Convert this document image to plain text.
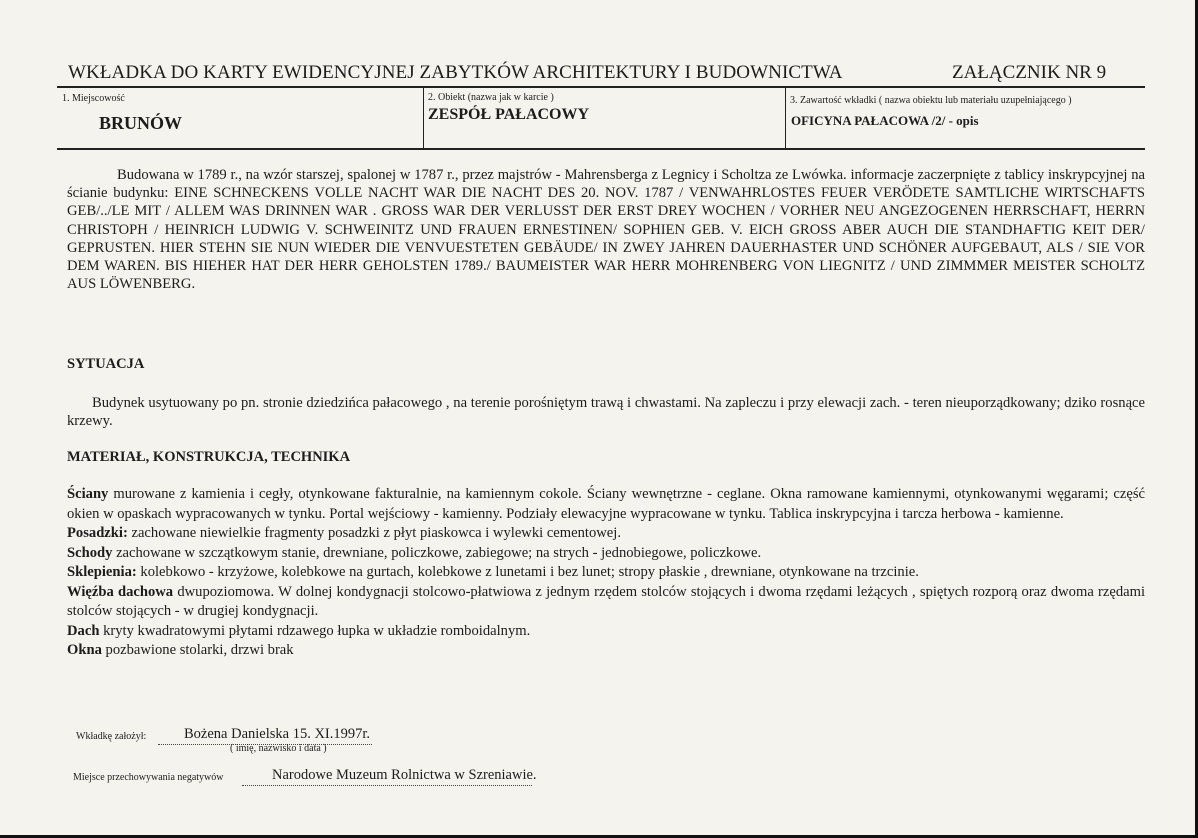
WKŁADKA DO KARTY EWIDENCYJNEJ ZABYTKÓW ARCHITEKTURY I BUDOWNICTWA	ZAŁĄCZNIK NR 9
1. Miejscowość
BRUNÓW
2. Obiekt (nazwa jak w karcie )
ZESPÓŁ PAŁACOWY
3. Zawartość wkładki ( nazwa obiektu lub materiału uzupełniającego )
OFICYNA PAŁACOWA /2/ - opis

Budowana w 1789 r., na wzór starszej, spalonej w 1787 r., przez majstrów - Mahrensberga z Legnicy i Scholtza ze Lwówka. informacje zaczerpnięte z tablicy inskrypcyjnej na ścianie budynku: EINE SCHNECKENS VOLLE NACHT WAR DIE NACHT DES 20. NOV. 1787 / VENWAHRLOSTES FEUER VERÖDETE SAMTLICHE WIRTSCHAFTS GEB/../LE MIT / ALLEM WAS DRINNEN WAR . GROSS WAR DER VERLUSST DER ERST DREY WOCHEN / VORHER NEU ANGEZOGENEN HERRSCHAFT, HERRN CHRISTOPH / HEINRICH LUDWIG V. SCHWEINITZ UND FRAUEN ERNESTINEN/ SOPHIEN GEB. V. EICH GROSS ABER AUCH DIE STANDHAFTIG KEIT DER/ GEPRUSTEN. HIER STEHN SIE NUN WIEDER DIE VENVUESTETEN GEBÄUDE/ IN ZWEY JAHREN DAUERHASTER UND SCHÖNER AUFGEBAUT, ALS / SIE VOR DEM WAREN. BIS HIEHER HAT DER HERR GEHOLSTEN 1789./ BAUMEISTER WAR HERR MOHRENBERG VON LIEGNITZ / UND ZIMMMER MEISTER SCHOLTZ AUS LÖWENBERG.

SYTUACJA

Budynek usytuowany po pn. stronie dziedzińca pałacowego , na terenie porośniętym trawą i chwastami. Na zapleczu i przy elewacji zach. - teren nieuporządkowany; dziko rosnące krzewy.

MATERIAŁ, KONSTRUKCJA, TECHNIKA

Ściany murowane z kamienia i cegły, otynkowane fakturalnie, na kamiennym cokole. Ściany wewnętrzne - ceglane. Okna ramowane kamiennymi, otynkowanymi węgarami; część okien w opaskach wypracowanych w tynku. Portal wejściowy - kamienny. Podziały elewacyjne wypracowane w tynku. Tablica inskrypcyjna i tarcza herbowa - kamienne.

Posadzki: zachowane niewielkie fragmenty posadzki z płyt piaskowca i wylewki cementowej.

Schody zachowane w szczątkowym stanie, drewniane, policzkowe, zabiegowe; na strych - jednobiegowe, policzkowe.

Sklepienia: kolebkowo - krzyżowe, kolebkowe na gurtach, kolebkowe z lunetami i bez lunet; stropy płaskie , drewniane, otynkowane na trzcinie.

Więźba dachowa dwupoziomowa. W dolnej kondygnacji stolcowo-płatwiowa z jednym rzędem stolców stojących i dwoma rzędami leżących , spiętych rozporą oraz dwoma rzędami stolców stojących - w drugiej kondygnacji.

Dach kryty kwadratowymi płytami rdzawego łupka w układzie romboidalnym.

Okna pozbawione stolarki, drzwi brak

Wkładkę założył:	Bożena Danielska 15. XI.1997r.
( imię, nazwisko i data )
Miejsce przechowywania negatywów	Narodowe Muzeum Rolnictwa w Szreniawie.
